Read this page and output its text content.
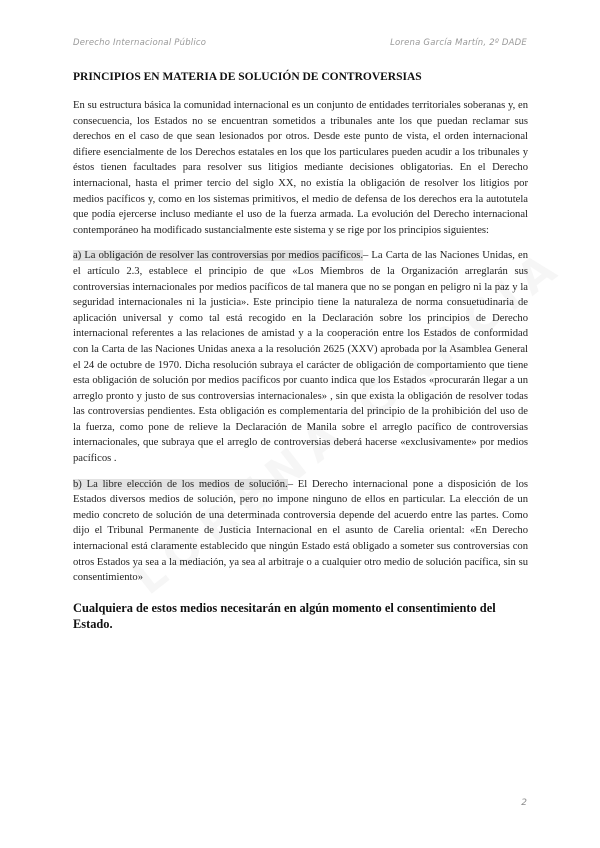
Derecho Internacional Público	Lorena García Martín, 2º DADE
PRINCIPIOS EN MATERIA DE SOLUCIÓN DE CONTROVERSIAS

En su estructura básica la comunidad internacional es un conjunto de entidades territoriales soberanas y, en consecuencia, los Estados no se encuentran sometidos a tribunales ante los que puedan reclamar sus derechos en el caso de que sean lesionados por otros. Desde este punto de vista, el orden internacional difiere esencialmente de los Derechos estatales en los que los particulares pueden acudir a los tribunales y éstos tienen facultades para resolver sus litigios mediante decisiones obligatorias. En el Derecho internacional, hasta el primer tercio del siglo XX, no existía la obligación de resolver los litigios por medios pacíficos y, como en los sistemas primitivos, el medio de defensa de los derechos era la autotutela que podía ejercerse incluso mediante el uso de la fuerza armada. La evolución del Derecho internacional contemporáneo ha modificado sustancialmente este sistema y se rige por los principios siguientes:

a) La obligación de resolver las controversias por medios pacíficos.– La Carta de las Naciones Unidas, en el artículo 2.3, establece el principio de que «Los Miembros de la Organización arreglarán sus controversias internacionales por medios pacíficos de tal manera que no se pongan en peligro ni la paz y la seguridad internacionales ni la justicia». Este principio tiene la naturaleza de norma consuetudinaria de aplicación universal y como tal está recogido en la Declaración sobre los principios de Derecho internacional referentes a las relaciones de amistad y a la cooperación entre los Estados de conformidad con la Carta de las Naciones Unidas anexa a la resolución 2625 (XXV) aprobada por la Asamblea General el 24 de octubre de 1970. Dicha resolución subraya el carácter de obligación de comportamiento que tiene esta obligación de solución por medios pacíficos por cuanto indica que los Estados «procurarán llegar a un arreglo pronto y justo de sus controversias internacionales» , sin que exista la obligación de resolver todas las controversias pendientes. Esta obligación es complementaria del principio de la prohibición del uso de la fuerza, como pone de relieve la Declaración de Manila sobre el arreglo pacífico de controversias internacionales, que subraya que el arreglo de controversias deberá hacerse «exclusivamente» por medios pacíficos .

b) La libre elección de los medios de solución.– El Derecho internacional pone a disposición de los Estados diversos medios de solución, pero no impone ninguno de ellos en particular. La elección de un medio concreto de solución de una determinada controversia depende del acuerdo entre las partes. Como dijo el Tribunal Permanente de Justicia Internacional en el asunto de Carelia oriental: «En Derecho internacional está claramente establecido que ningún Estado está obligado a someter sus controversias con otros Estados ya sea a la mediación, ya sea al arbitraje o a cualquier otro medio de solución pacífica, sin su consentimiento»

Cualquiera de estos medios necesitarán en algún momento el consentimiento del Estado.

2
